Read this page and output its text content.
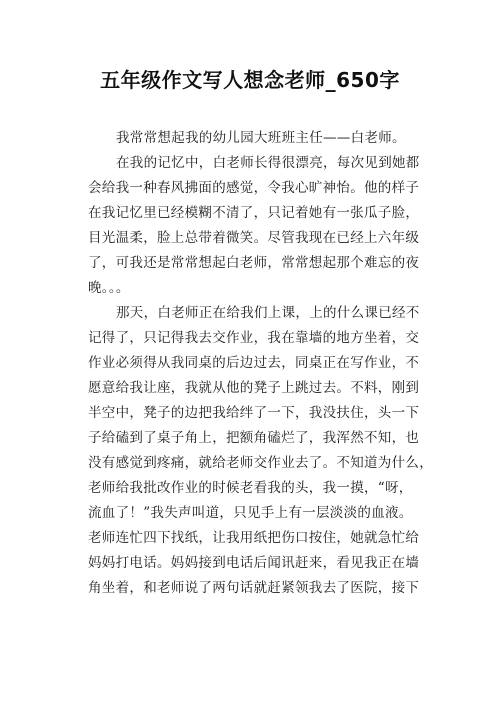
五年级作文写人想念老师_650字
我常常想起我的幼儿园大班班主任——白老师。
在我的记忆中，白老师长得很漂亮，每次见到她都
会给我一种春风拂面的感觉，令我心旷神怡。他的样子
在我记忆里已经模糊不清了，只记着她有一张瓜子脸，
目光温柔，脸上总带着微笑。尽管我现在已经上六年级
了，可我还是常常想起白老师，常常想起那个难忘的夜
晚。。。
那天，白老师正在给我们上课，上的什么课已经不
记得了，只记得我去交作业，我在靠墙的地方坐着，交
作业必须得从我同桌的后边过去，同桌正在写作业，不
愿意给我让座，我就从他的凳子上跳过去。不料，刚到
半空中，凳子的边把我给绊了一下，我没扶住，头一下
子给磕到了桌子角上，把额角磕烂了，我浑然不知，也
没有感觉到疼痛，就给老师交作业去了。不知道为什么，
老师给我批改作业的时候老看我的头，我一摸，“呀，
流血了！”我失声叫道，只见手上有一层淡淡的血液。
老师连忙四下找纸，让我用纸把伤口按住，她就急忙给
妈妈打电话。妈妈接到电话后闻讯赶来，看见我正在墙
角坐着，和老师说了两句话就赶紧领我去了医院，接下
